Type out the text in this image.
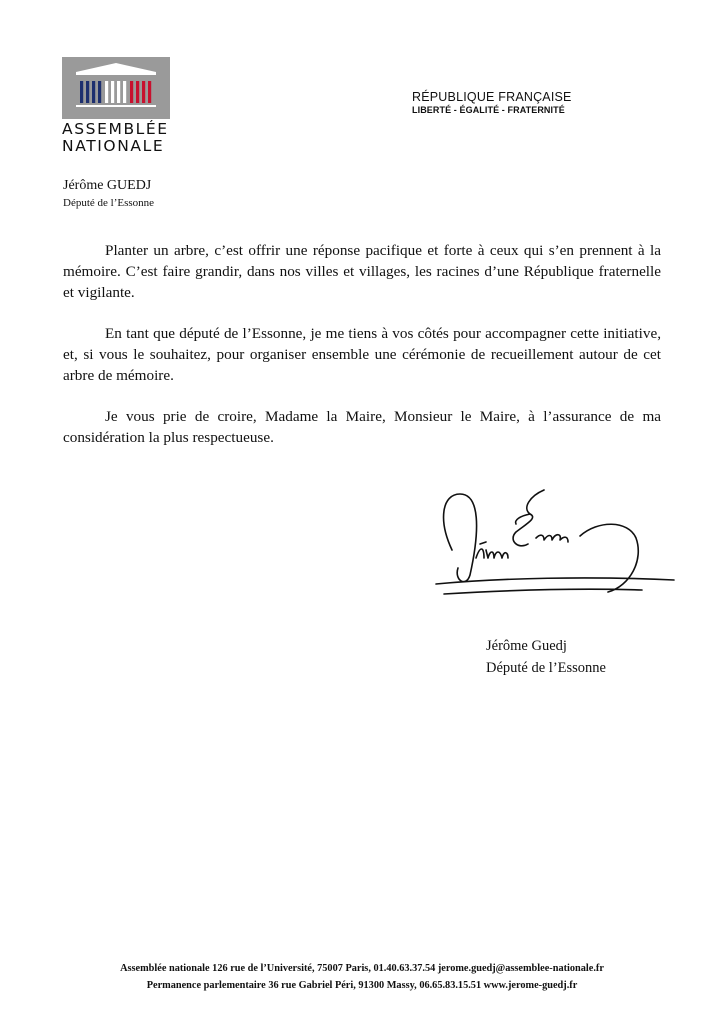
ASSEMBLÉE
NATIONALE
RÉPUBLIQUE FRANÇAISE
LIBERTÉ - ÉGALITÉ - FRATERNITÉ
Jérôme GUEDJ
Député de l’Essonne

Planter un arbre, c’est offrir une réponse pacifique et forte à ceux qui s’en prennent à la mémoire. C’est faire grandir, dans nos villes et villages, les racines d’une République fraternelle et vigilante.

En tant que député de l’Essonne, je me tiens à vos côtés pour accompagner cette initiative, et, si vous le souhaitez, pour organiser ensemble une cérémonie de recueillement autour de cet arbre de mémoire.

Je vous prie de croire, Madame la Maire, Monsieur le Maire, à l’assurance de ma considération la plus respectueuse.

Jérôme Guedj
Député de l’Essonne
Assemblée nationale 126 rue de l’Université, 75007 Paris, 01.40.63.37.54 jerome.guedj@assemblee-nationale.fr
Permanence parlementaire 36 rue Gabriel Péri, 91300 Massy, 06.65.83.15.51 www.jerome-guedj.fr
